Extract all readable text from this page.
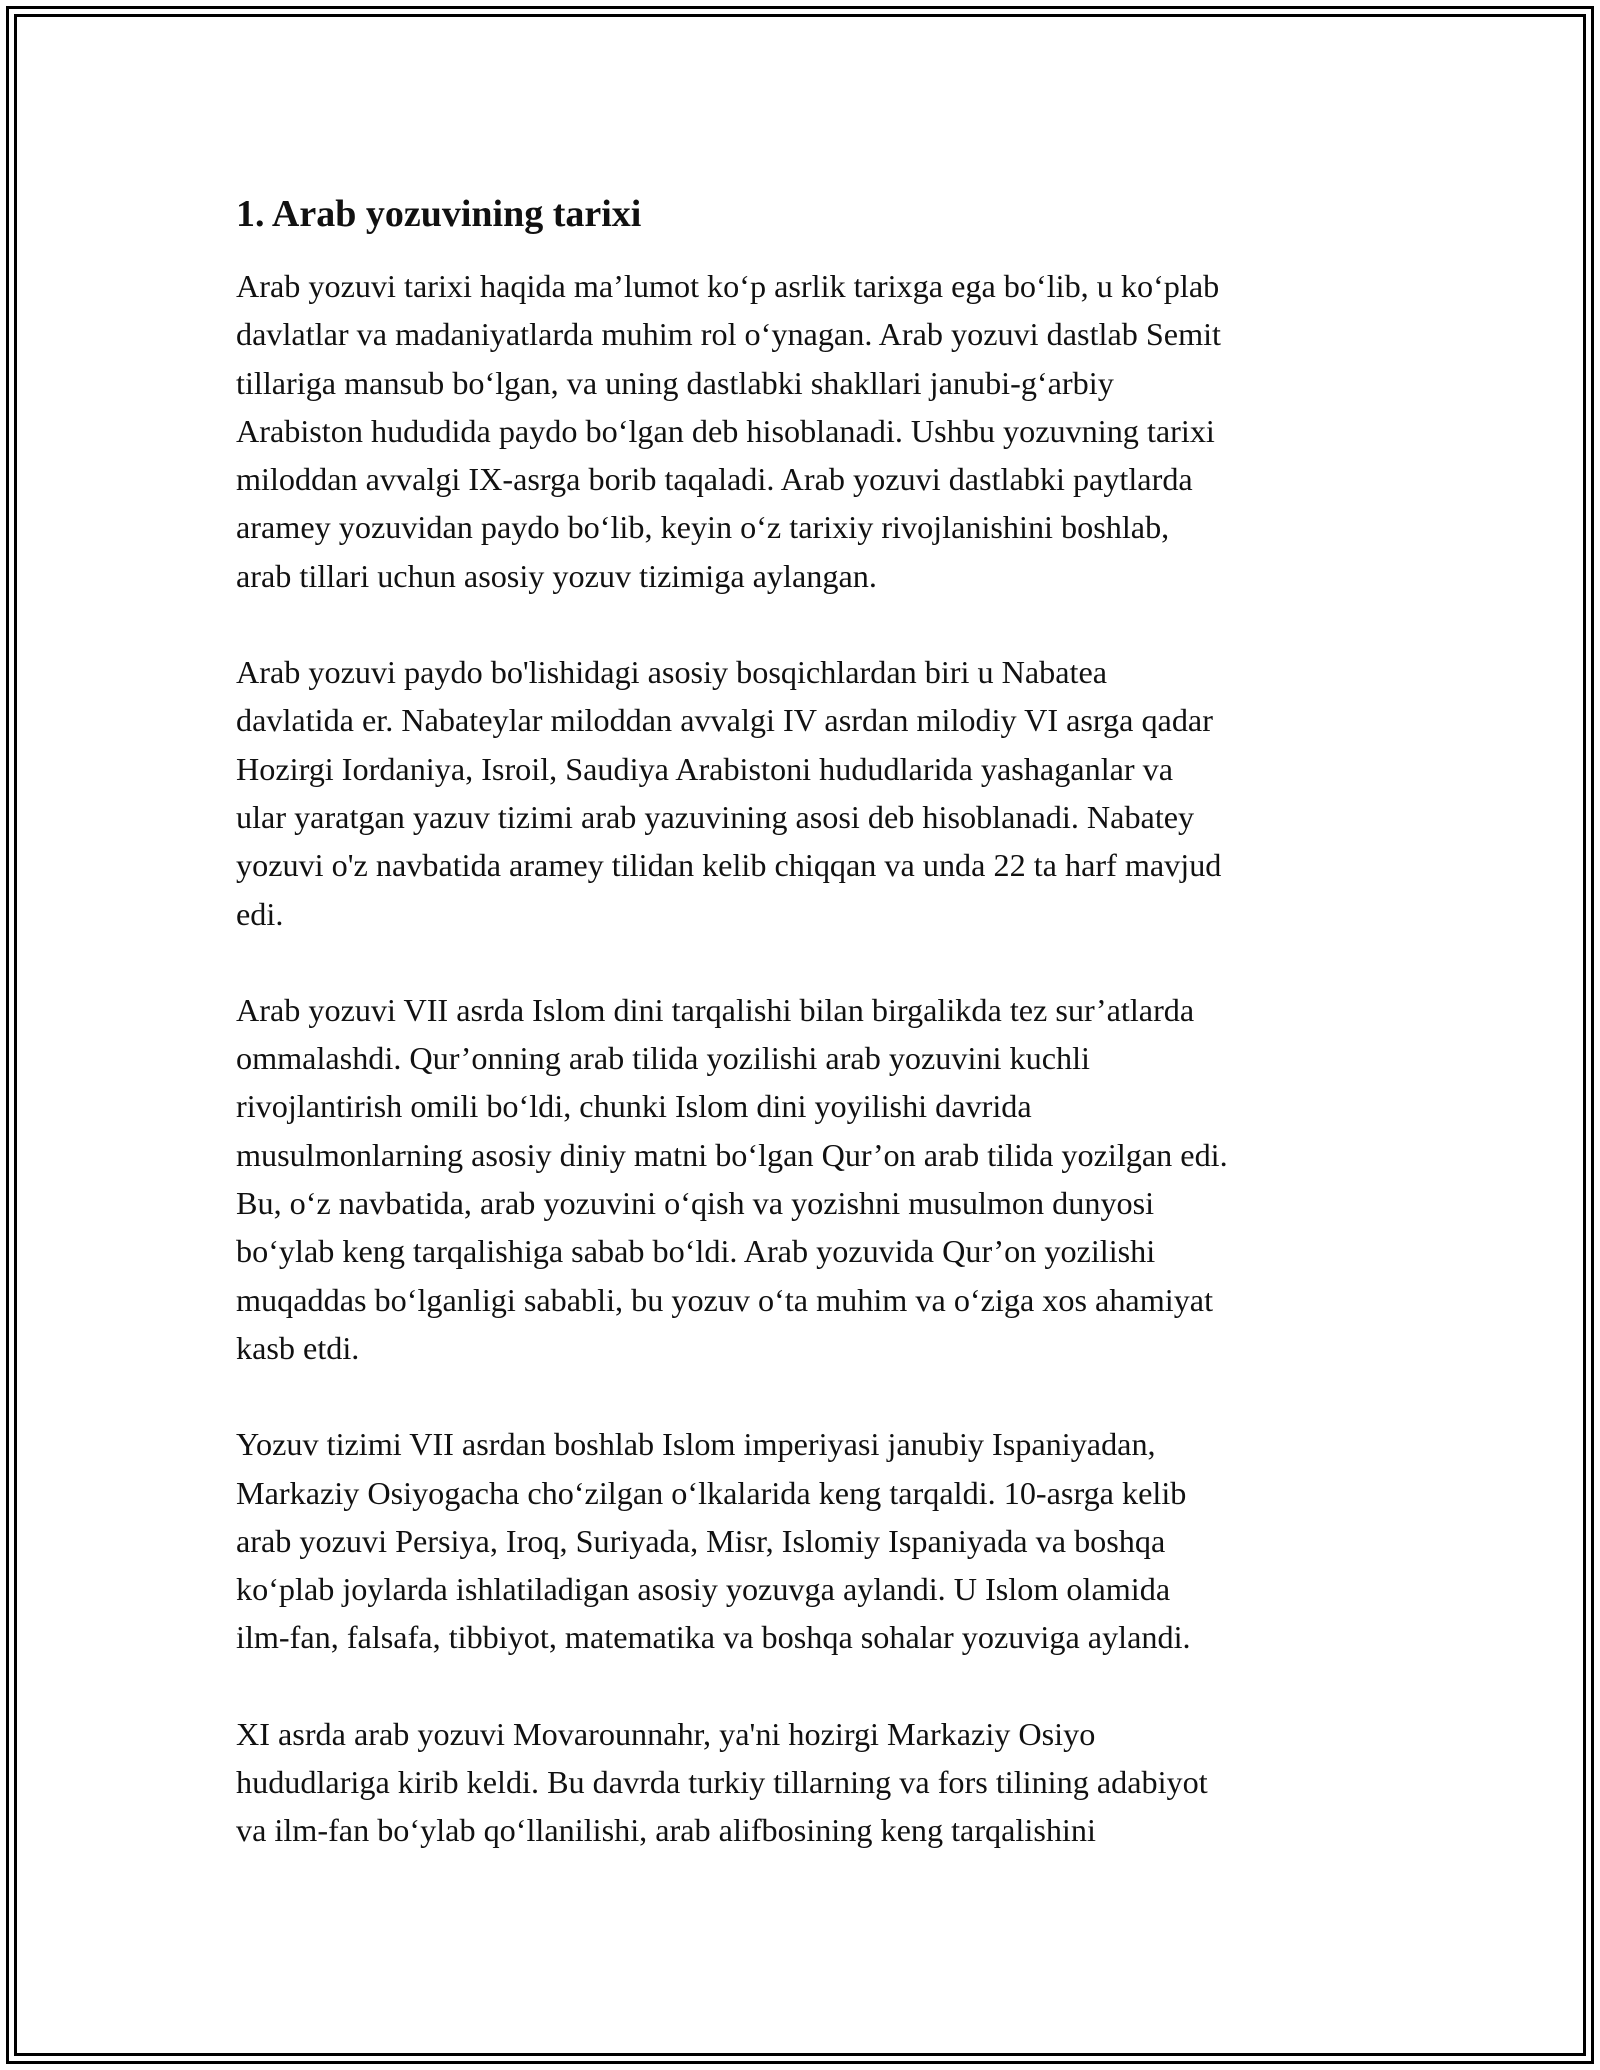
1. Arab yozuvining tarixi

Arab yozuvi tarixi haqida ma’lumot ko‘p asrlik tarixga ega bo‘lib, u ko‘plab
davlatlar va madaniyatlarda muhim rol o‘ynagan. Arab yozuvi dastlab Semit
tillariga mansub bo‘lgan, va uning dastlabki shakllari janubi-g‘arbiy
Arabiston hududida paydo bo‘lgan deb hisoblanadi. Ushbu yozuvning tarixi
miloddan avvalgi IX-asrga borib taqaladi. Arab yozuvi dastlabki paytlarda
aramey yozuvidan paydo bo‘lib, keyin o‘z tarixiy rivojlanishini boshlab,
arab tillari uchun asosiy yozuv tizimiga aylangan.

Arab yozuvi paydo bo'lishidagi asosiy bosqichlardan biri u Nabatea
davlatida er. Nabateylar miloddan avvalgi IV asrdan milodiy VI asrga qadar
Hozirgi Iordaniya, Isroil, Saudiya Arabistoni hududlarida yashaganlar va
ular yaratgan yazuv tizimi arab yazuvining asosi deb hisoblanadi. Nabatey
yozuvi o'z navbatida aramey tilidan kelib chiqqan va unda 22 ta harf mavjud
edi.

Arab yozuvi VII asrda Islom dini tarqalishi bilan birgalikda tez sur’atlarda
ommalashdi. Qur’onning arab tilida yozilishi arab yozuvini kuchli
rivojlantirish omili bo‘ldi, chunki Islom dini yoyilishi davrida
musulmonlarning asosiy diniy matni bo‘lgan Qur’on arab tilida yozilgan edi.
Bu, o‘z navbatida, arab yozuvini o‘qish va yozishni musulmon dunyosi
bo‘ylab keng tarqalishiga sabab bo‘ldi. Arab yozuvida Qur’on yozilishi
muqaddas bo‘lganligi sababli, bu yozuv o‘ta muhim va o‘ziga xos ahamiyat
kasb etdi.

Yozuv tizimi VII asrdan boshlab Islom imperiyasi janubiy Ispaniyadan,
Markaziy Osiyogacha cho‘zilgan o‘lkalarida keng tarqaldi. 10-asrga kelib
arab yozuvi Persiya, Iroq, Suriyada, Misr, Islomiy Ispaniyada va boshqa
ko‘plab joylarda ishlatiladigan asosiy yozuvga aylandi. U Islom olamida
ilm-fan, falsafa, tibbiyot, matematika va boshqa sohalar yozuviga aylandi.

XI asrda arab yozuvi Movarounnahr, ya'ni hozirgi Markaziy Osiyo
hududlariga kirib keldi. Bu davrda turkiy tillarning va fors tilining adabiyot
va ilm-fan bo‘ylab qo‘llanilishi, arab alifbosining keng tarqalishini
